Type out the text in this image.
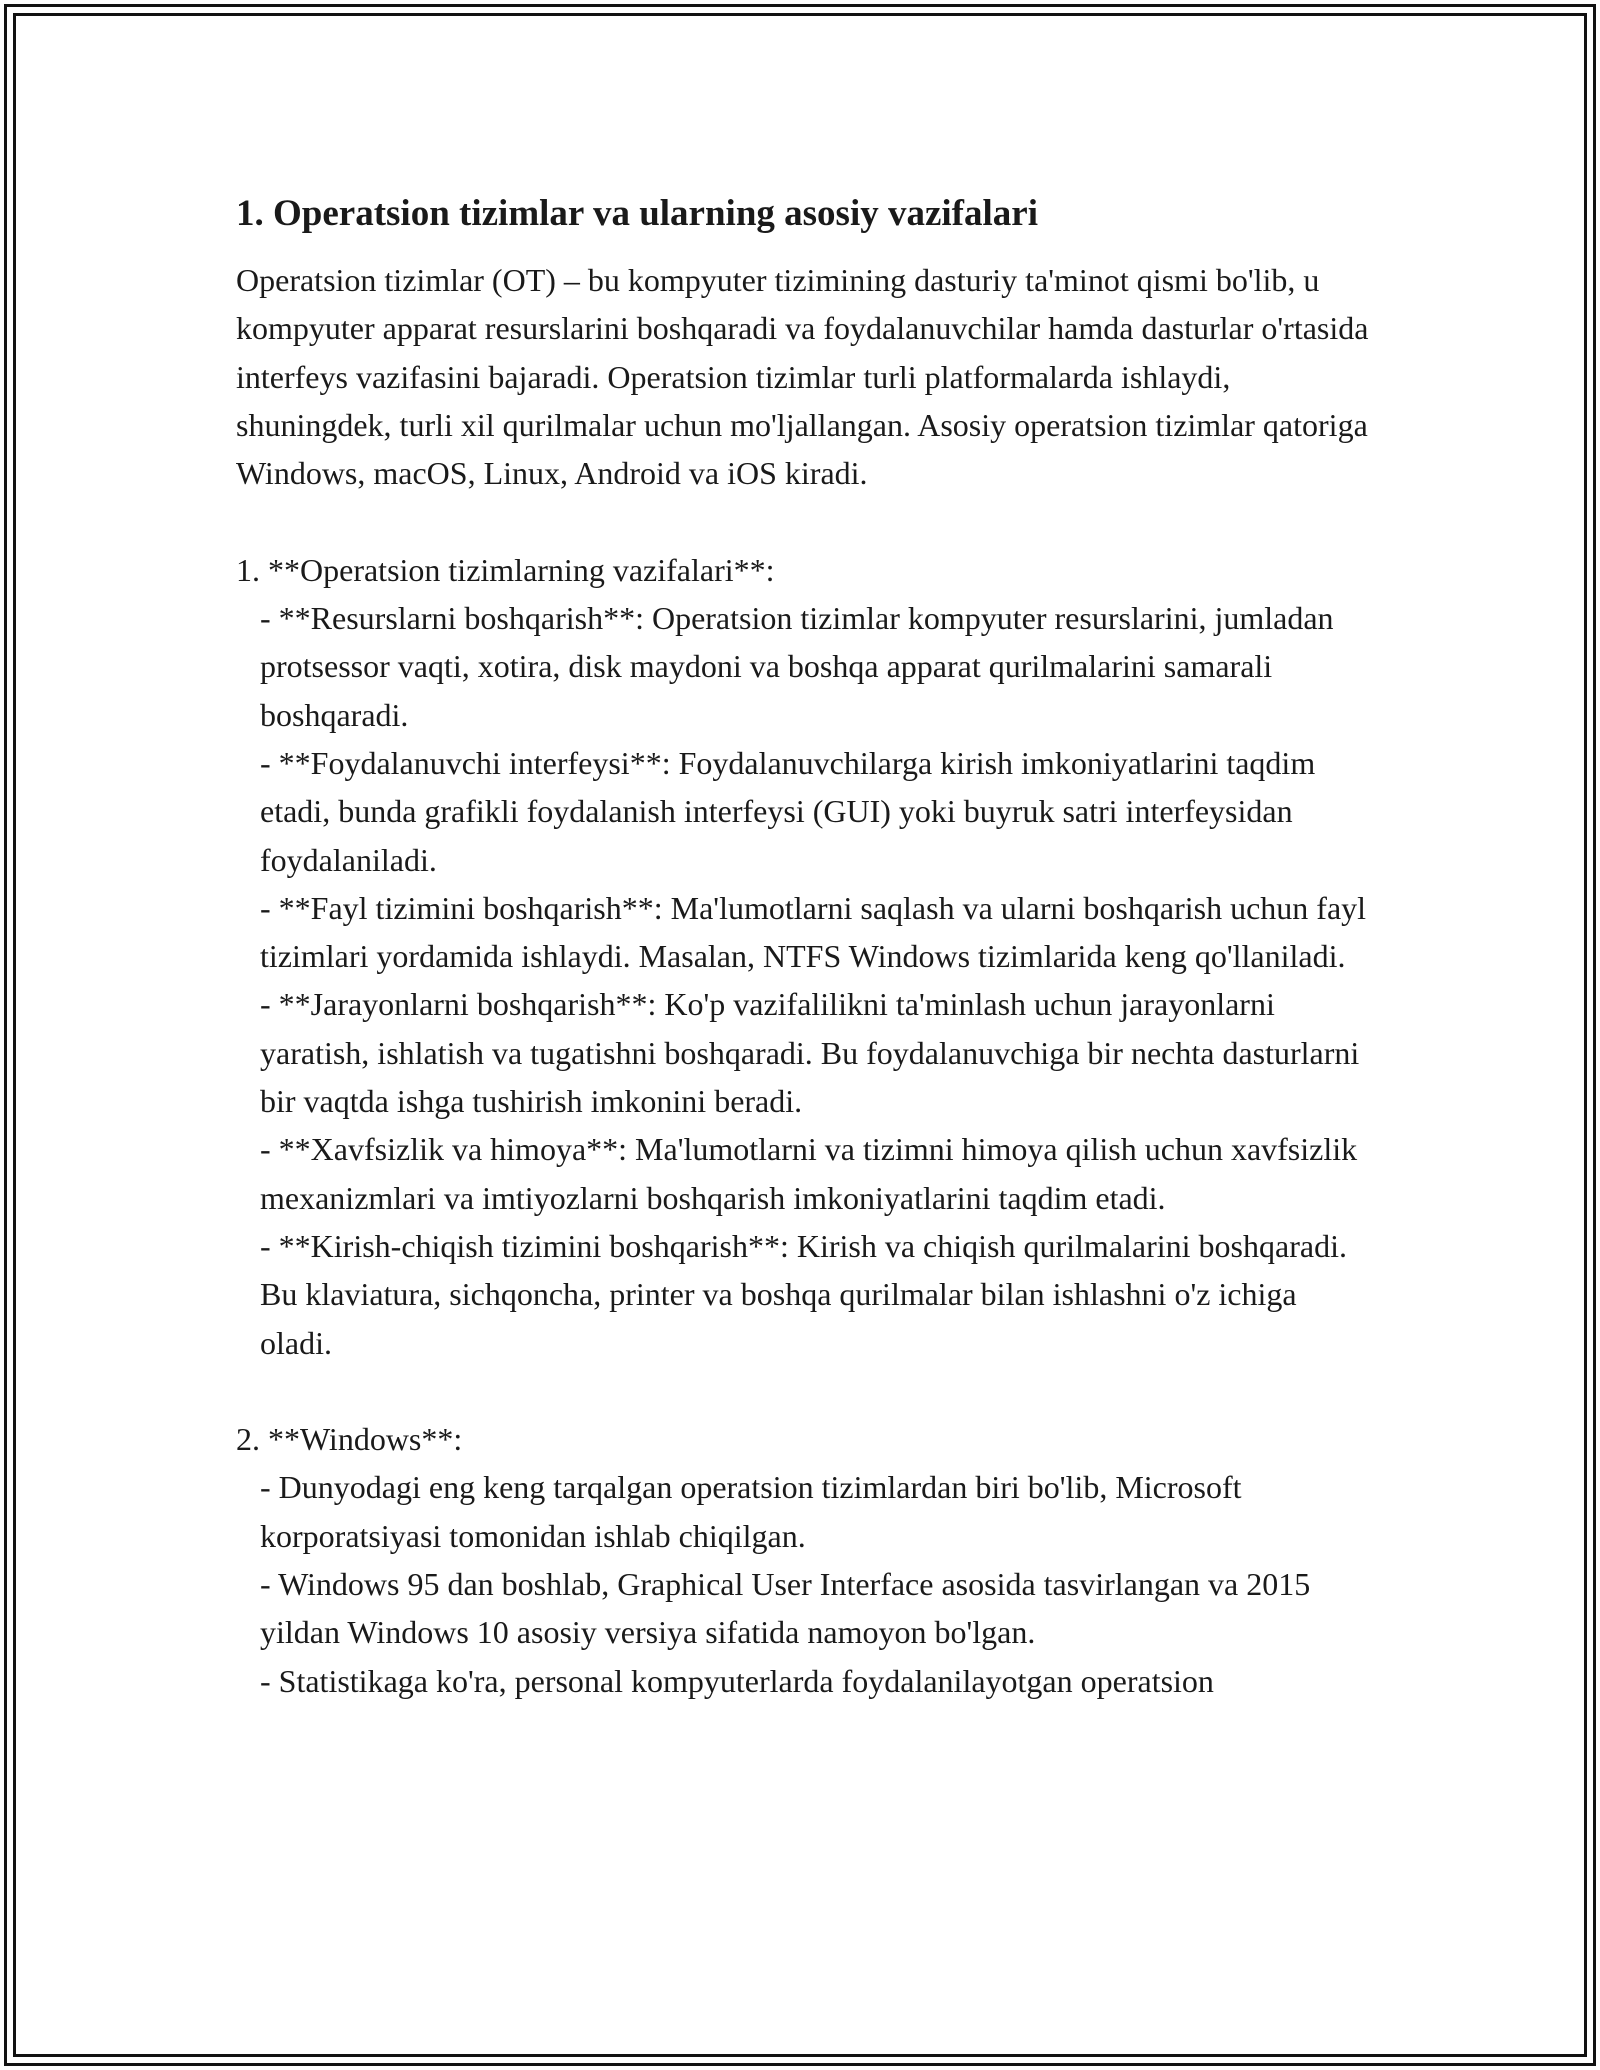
1. Operatsion tizimlar va ularning asosiy vazifalari

Operatsion tizimlar (OT) – bu kompyuter tizimining dasturiy ta'minot qismi bo'lib, u kompyuter apparat resurslarini boshqaradi va foydalanuvchilar hamda dasturlar o'rtasida interfeys vazifasini bajaradi. Operatsion tizimlar turli platformalarda ishlaydi, shuningdek, turli xil qurilmalar uchun mo'ljallangan. Asosiy operatsion tizimlar qatoriga Windows, macOS, Linux, Android va iOS kiradi.

1. **Operatsion tizimlarning vazifalari**:

- **Resurslarni boshqarish**: Operatsion tizimlar kompyuter resurslarini, jumladan protsessor vaqti, xotira, disk maydoni va boshqa apparat qurilmalarini samarali boshqaradi.

- **Foydalanuvchi interfeysi**: Foydalanuvchilarga kirish imkoniyatlarini taqdim etadi, bunda grafikli foydalanish interfeysi (GUI) yoki buyruk satri interfeysidan foydalaniladi.

- **Fayl tizimini boshqarish**: Ma'lumotlarni saqlash va ularni boshqarish uchun fayl tizimlari yordamida ishlaydi. Masalan, NTFS Windows tizimlarida keng qo'llaniladi.

- **Jarayonlarni boshqarish**: Ko'p vazifalilikni ta'minlash uchun jarayonlarni yaratish, ishlatish va tugatishni boshqaradi. Bu foydalanuvchiga bir nechta dasturlarni bir vaqtda ishga tushirish imkonini beradi.

- **Xavfsizlik va himoya**: Ma'lumotlarni va tizimni himoya qilish uchun xavfsizlik mexanizmlari va imtiyozlarni boshqarish imkoniyatlarini taqdim etadi.

- **Kirish-chiqish tizimini boshqarish**: Kirish va chiqish qurilmalarini boshqaradi. Bu klaviatura, sichqoncha, printer va boshqa qurilmalar bilan ishlashni o'z ichiga oladi.

2. **Windows**:

- Dunyodagi eng keng tarqalgan operatsion tizimlardan biri bo'lib, Microsoft korporatsiyasi tomonidan ishlab chiqilgan.

- Windows 95 dan boshlab, Graphical User Interface asosida tasvirlangan va 2015 yildan Windows 10 asosiy versiya sifatida namoyon bo'lgan.

- Statistikaga ko'ra, personal kompyuterlarda foydalanilayotgan operatsion
